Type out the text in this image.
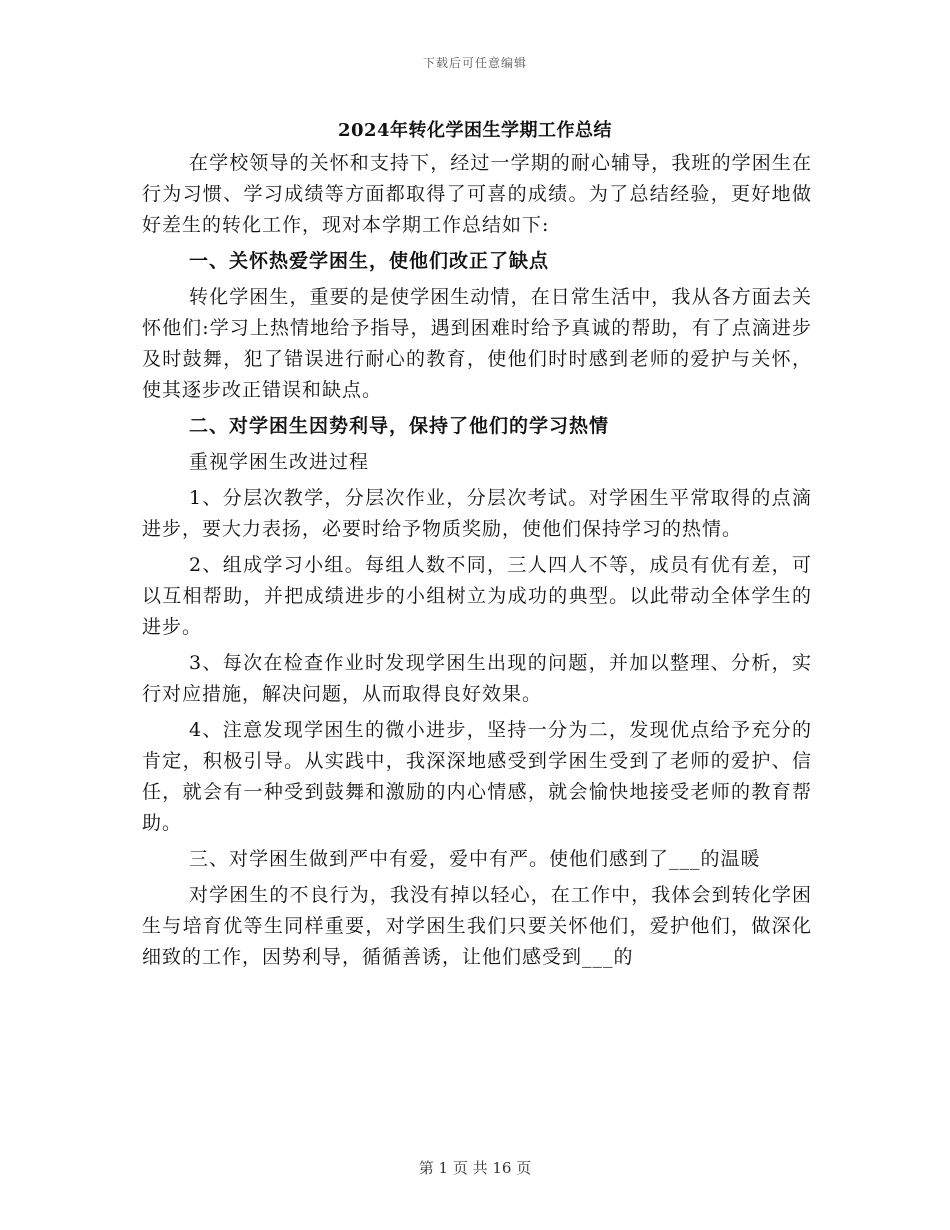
下载后可任意编辑
2024年转化学困生学期工作总结

在学校领导的关怀和支持下，经过一学期的耐心辅导，我班的学困生在行为习惯、学习成绩等方面都取得了可喜的成绩。为了总结经验，更好地做好差生的转化工作，现对本学期工作总结如下:

一、关怀热爱学困生，使他们改正了缺点

转化学困生，重要的是使学困生动情，在日常生活中，我从各方面去关怀他们:学习上热情地给予指导，遇到困难时给予真诚的帮助，有了点滴进步及时鼓舞，犯了错误进行耐心的教育，使他们时时感到老师的爱护与关怀，使其逐步改正错误和缺点。

二、对学困生因势利导，保持了他们的学习热情

重视学困生改进过程

1、分层次教学，分层次作业，分层次考试。对学困生平常取得的点滴进步，要大力表扬，必要时给予物质奖励，使他们保持学习的热情。

2、组成学习小组。每组人数不同，三人四人不等，成员有优有差，可以互相帮助，并把成绩进步的小组树立为成功的典型。以此带动全体学生的进步。

3、每次在检查作业时发现学困生出现的问题，并加以整理、分析，实行对应措施，解决问题，从而取得良好效果。

4、注意发现学困生的微小进步，坚持一分为二，发现优点给予充分的肯定，积极引导。从实践中，我深深地感受到学困生受到了老师的爱护、信任，就会有一种受到鼓舞和激励的内心情感，就会愉快地接受老师的教育帮助。

三、对学困生做到严中有爱，爱中有严。使他们感到了___的温暖

对学困生的不良行为，我没有掉以轻心，在工作中，我体会到转化学困生与培育优等生同样重要，对学困生我们只要关怀他们，爱护他们，做深化细致的工作，因势利导，循循善诱，让他们感受到___的

第 1 页 共 16 页
